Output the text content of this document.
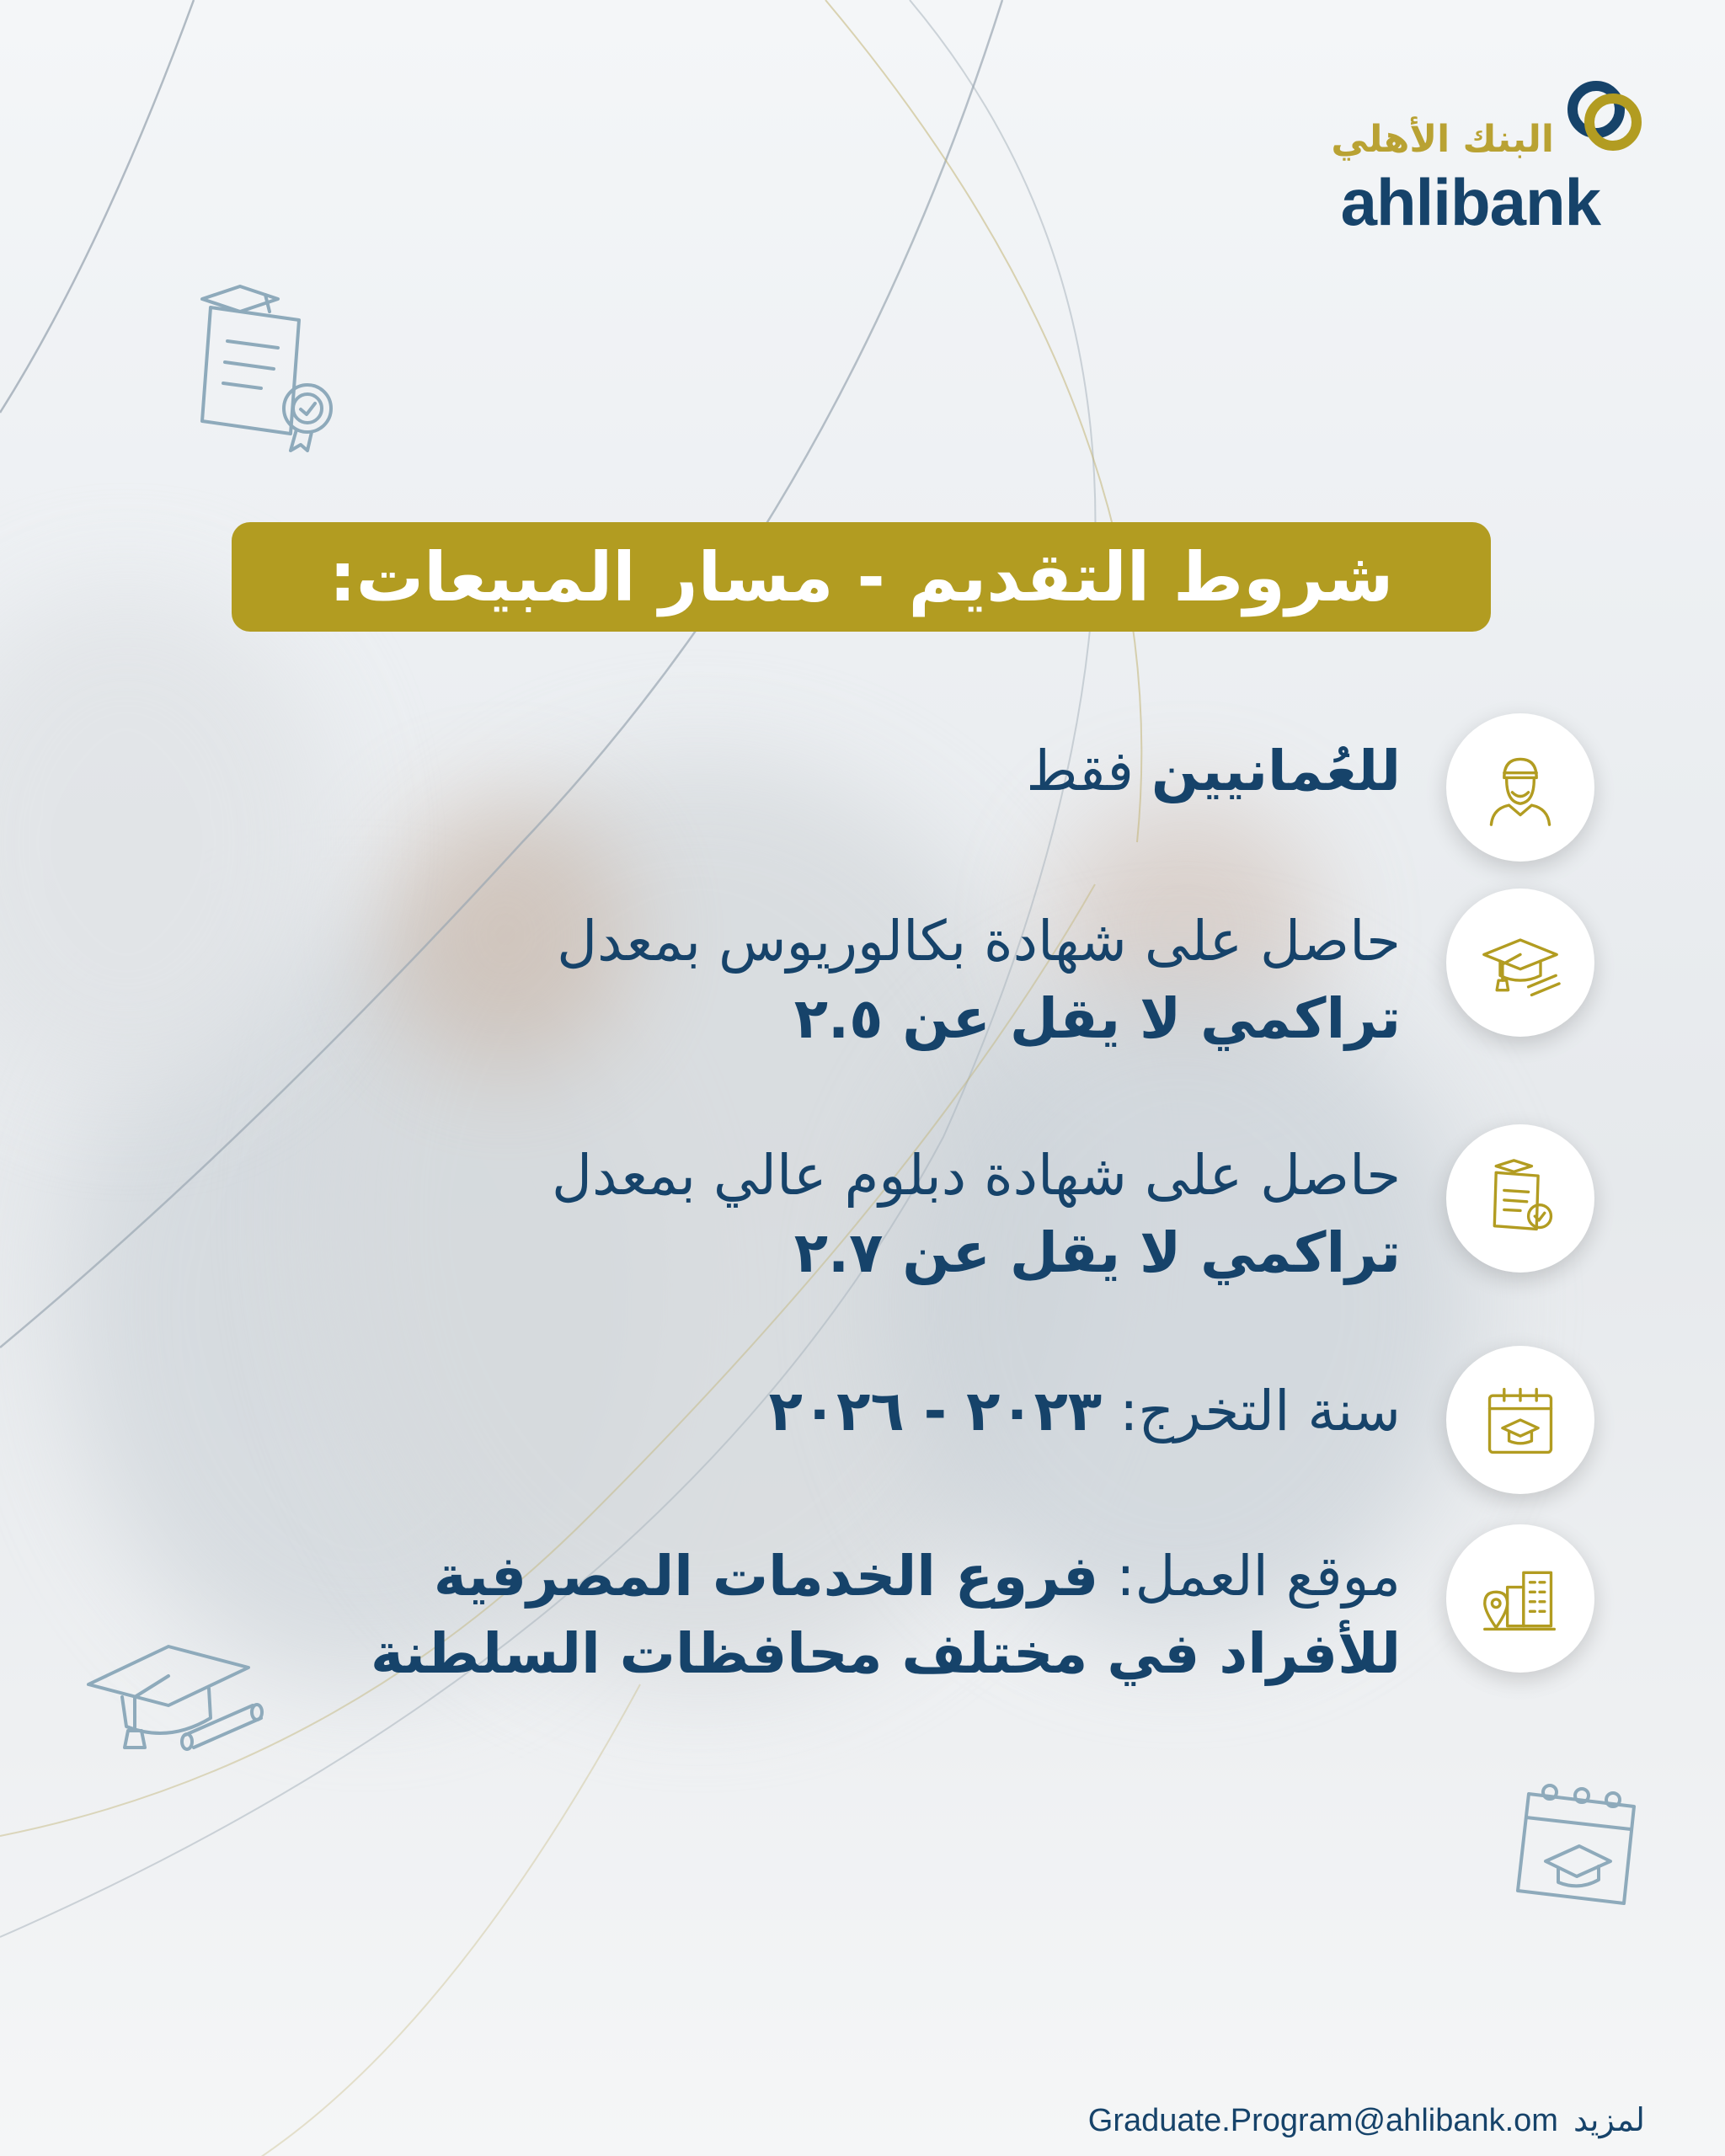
البنك الأهلي
ahlibank
شروط التقديم - مسار المبيعات:
للعُمانيين فقط
حاصل على شهادة بكالوريوس بمعدل
تراكمي لا يقل عن ٢.٥
حاصل على شهادة دبلوم عالي بمعدل
تراكمي لا يقل عن ٢.٧
سنة التخرج: ٢٠٢٣ - ٢٠٢٦
موقع العمل: فروع الخدمات المصرفية
للأفراد في مختلف محافظات السلطنة
لمزيدGraduate.Program@ahlibank.om
